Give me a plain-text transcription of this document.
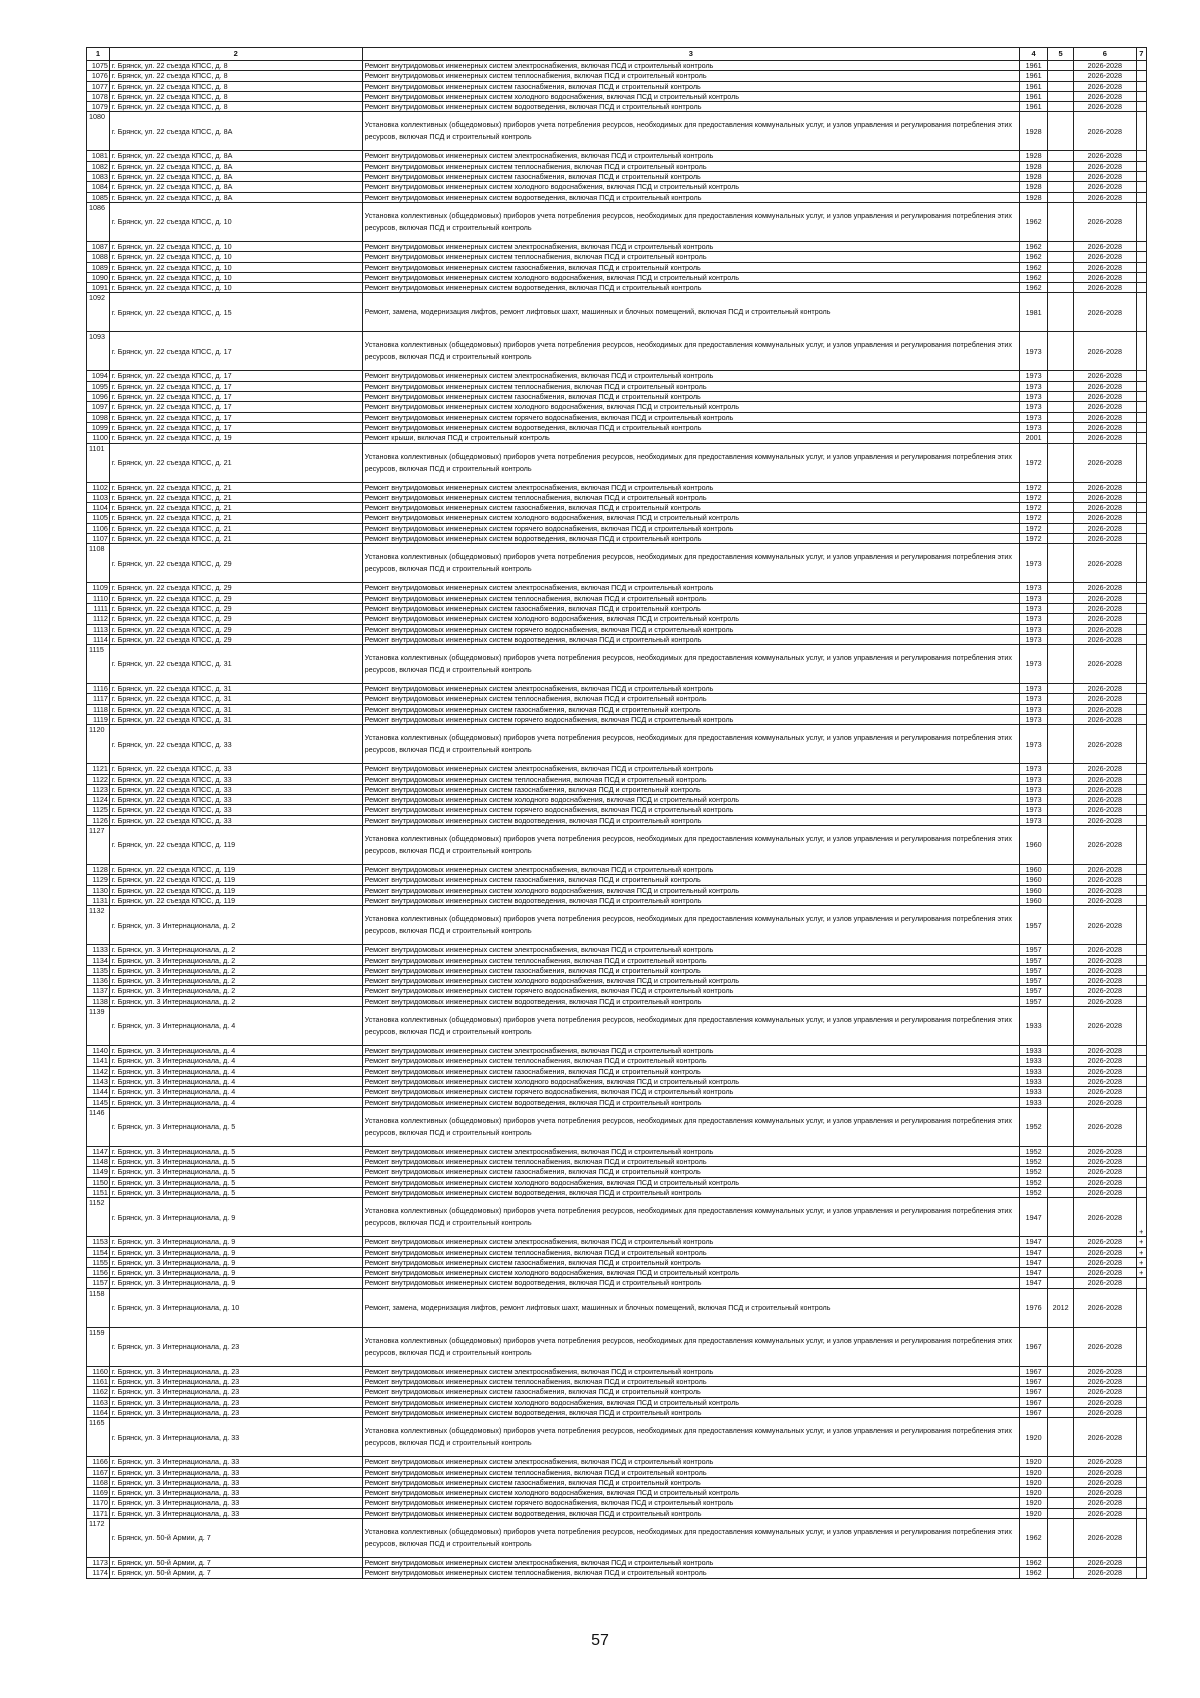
1	2	3	4	5	6	7
1075	г. Брянск, ул. 22 съезда КПСС, д. 8	Ремонт внутридомовых инженерных систем электроснабжения, включая ПСД и строительный контроль	1961		2026-2028	
1076	г. Брянск, ул. 22 съезда КПСС, д. 8	Ремонт внутридомовых инженерных систем теплоснабжения, включая ПСД и строительный контроль	1961		2026-2028	
1077	г. Брянск, ул. 22 съезда КПСС, д. 8	Ремонт внутридомовых инженерных систем газоснабжения, включая ПСД и строительный контроль	1961		2026-2028	
1078	г. Брянск, ул. 22 съезда КПСС, д. 8	Ремонт внутридомовых инженерных систем холодного водоснабжения, включая ПСД и строительный контроль	1961		2026-2028	
1079	г. Брянск, ул. 22 съезда КПСС, д. 8	Ремонт внутридомовых инженерных систем водоотведения, включая ПСД и строительный контроль	1961		2026-2028	
1080	г. Брянск, ул. 22 съезда КПСС, д. 8А	Установка коллективных (общедомовых) приборов учета потребления ресурсов, необходимых для предоставления коммунальных услуг, и узлов управления и регулирования потребления этих ресурсов, включая ПСД и строительный контроль	1928		2026-2028	
1081	г. Брянск, ул. 22 съезда КПСС, д. 8А	Ремонт внутридомовых инженерных систем электроснабжения, включая ПСД и строительный контроль	1928		2026-2028	
1082	г. Брянск, ул. 22 съезда КПСС, д. 8А	Ремонт внутридомовых инженерных систем теплоснабжения, включая ПСД и строительный контроль	1928		2026-2028	
1083	г. Брянск, ул. 22 съезда КПСС, д. 8А	Ремонт внутридомовых инженерных систем газоснабжения, включая ПСД и строительный контроль	1928		2026-2028	
1084	г. Брянск, ул. 22 съезда КПСС, д. 8А	Ремонт внутридомовых инженерных систем холодного водоснабжения, включая ПСД и строительный контроль	1928		2026-2028	
1085	г. Брянск, ул. 22 съезда КПСС, д. 8А	Ремонт внутридомовых инженерных систем водоотведения, включая ПСД и строительный контроль	1928		2026-2028	
1086	г. Брянск, ул. 22 съезда КПСС, д. 10	Установка коллективных (общедомовых) приборов учета потребления ресурсов, необходимых для предоставления коммунальных услуг, и узлов управления и регулирования потребления этих ресурсов, включая ПСД и строительный контроль	1962		2026-2028	
1087	г. Брянск, ул. 22 съезда КПСС, д. 10	Ремонт внутридомовых инженерных систем электроснабжения, включая ПСД и строительный контроль	1962		2026-2028	
1088	г. Брянск, ул. 22 съезда КПСС, д. 10	Ремонт внутридомовых инженерных систем теплоснабжения, включая ПСД и строительный контроль	1962		2026-2028	
1089	г. Брянск, ул. 22 съезда КПСС, д. 10	Ремонт внутридомовых инженерных систем газоснабжения, включая ПСД и строительный контроль	1962		2026-2028	
1090	г. Брянск, ул. 22 съезда КПСС, д. 10	Ремонт внутридомовых инженерных систем холодного водоснабжения, включая ПСД и строительный контроль	1962		2026-2028	
1091	г. Брянск, ул. 22 съезда КПСС, д. 10	Ремонт внутридомовых инженерных систем водоотведения, включая ПСД и строительный контроль	1962		2026-2028	
1092	г. Брянск, ул. 22 съезда КПСС, д. 15	Ремонт, замена, модернизация лифтов, ремонт лифтовых шахт, машинных и блочных помещений, включая ПСД и строительный контроль	1981		2026-2028	
1093	г. Брянск, ул. 22 съезда КПСС, д. 17	Установка коллективных (общедомовых) приборов учета потребления ресурсов, необходимых для предоставления коммунальных услуг, и узлов управления и регулирования потребления этих ресурсов, включая ПСД и строительный контроль	1973		2026-2028	
1094	г. Брянск, ул. 22 съезда КПСС, д. 17	Ремонт внутридомовых инженерных систем электроснабжения, включая ПСД и строительный контроль	1973		2026-2028	
1095	г. Брянск, ул. 22 съезда КПСС, д. 17	Ремонт внутридомовых инженерных систем теплоснабжения, включая ПСД и строительный контроль	1973		2026-2028	
1096	г. Брянск, ул. 22 съезда КПСС, д. 17	Ремонт внутридомовых инженерных систем газоснабжения, включая ПСД и строительный контроль	1973		2026-2028	
1097	г. Брянск, ул. 22 съезда КПСС, д. 17	Ремонт внутридомовых инженерных систем холодного водоснабжения, включая ПСД и строительный контроль	1973		2026-2028	
1098	г. Брянск, ул. 22 съезда КПСС, д. 17	Ремонт внутридомовых инженерных систем горячего водоснабжения, включая ПСД и строительный контроль	1973		2026-2028	
1099	г. Брянск, ул. 22 съезда КПСС, д. 17	Ремонт внутридомовых инженерных систем водоотведения, включая ПСД и строительный контроль	1973		2026-2028	
1100	г. Брянск, ул. 22 съезда КПСС, д. 19	Ремонт крыши, включая ПСД и строительный контроль	2001		2026-2028	
1101	г. Брянск, ул. 22 съезда КПСС, д. 21	Установка коллективных (общедомовых) приборов учета потребления ресурсов, необходимых для предоставления коммунальных услуг, и узлов управления и регулирования потребления этих ресурсов, включая ПСД и строительный контроль	1972		2026-2028	
1102	г. Брянск, ул. 22 съезда КПСС, д. 21	Ремонт внутридомовых инженерных систем электроснабжения, включая ПСД и строительный контроль	1972		2026-2028	
1103	г. Брянск, ул. 22 съезда КПСС, д. 21	Ремонт внутридомовых инженерных систем теплоснабжения, включая ПСД и строительный контроль	1972		2026-2028	
1104	г. Брянск, ул. 22 съезда КПСС, д. 21	Ремонт внутридомовых инженерных систем газоснабжения, включая ПСД и строительный контроль	1972		2026-2028	
1105	г. Брянск, ул. 22 съезда КПСС, д. 21	Ремонт внутридомовых инженерных систем холодного водоснабжения, включая ПСД и строительный контроль	1972		2026-2028	
1106	г. Брянск, ул. 22 съезда КПСС, д. 21	Ремонт внутридомовых инженерных систем горячего водоснабжения, включая ПСД и строительный контроль	1972		2026-2028	
1107	г. Брянск, ул. 22 съезда КПСС, д. 21	Ремонт внутридомовых инженерных систем водоотведения, включая ПСД и строительный контроль	1972		2026-2028	
1108	г. Брянск, ул. 22 съезда КПСС, д. 29	Установка коллективных (общедомовых) приборов учета потребления ресурсов, необходимых для предоставления коммунальных услуг, и узлов управления и регулирования потребления этих ресурсов, включая ПСД и строительный контроль	1973		2026-2028	
1109	г. Брянск, ул. 22 съезда КПСС, д. 29	Ремонт внутридомовых инженерных систем электроснабжения, включая ПСД и строительный контроль	1973		2026-2028	
1110	г. Брянск, ул. 22 съезда КПСС, д. 29	Ремонт внутридомовых инженерных систем теплоснабжения, включая ПСД и строительный контроль	1973		2026-2028	
1111	г. Брянск, ул. 22 съезда КПСС, д. 29	Ремонт внутридомовых инженерных систем газоснабжения, включая ПСД и строительный контроль	1973		2026-2028	
1112	г. Брянск, ул. 22 съезда КПСС, д. 29	Ремонт внутридомовых инженерных систем холодного водоснабжения, включая ПСД и строительный контроль	1973		2026-2028	
1113	г. Брянск, ул. 22 съезда КПСС, д. 29	Ремонт внутридомовых инженерных систем горячего водоснабжения, включая ПСД и строительный контроль	1973		2026-2028	
1114	г. Брянск, ул. 22 съезда КПСС, д. 29	Ремонт внутридомовых инженерных систем водоотведения, включая ПСД и строительный контроль	1973		2026-2028	
1115	г. Брянск, ул. 22 съезда КПСС, д. 31	Установка коллективных (общедомовых) приборов учета потребления ресурсов, необходимых для предоставления коммунальных услуг, и узлов управления и регулирования потребления этих ресурсов, включая ПСД и строительный контроль	1973		2026-2028	
1116	г. Брянск, ул. 22 съезда КПСС, д. 31	Ремонт внутридомовых инженерных систем электроснабжения, включая ПСД и строительный контроль	1973		2026-2028	
1117	г. Брянск, ул. 22 съезда КПСС, д. 31	Ремонт внутридомовых инженерных систем теплоснабжения, включая ПСД и строительный контроль	1973		2026-2028	
1118	г. Брянск, ул. 22 съезда КПСС, д. 31	Ремонт внутридомовых инженерных систем газоснабжения, включая ПСД и строительный контроль	1973		2026-2028	
1119	г. Брянск, ул. 22 съезда КПСС, д. 31	Ремонт внутридомовых инженерных систем горячего водоснабжения, включая ПСД и строительный контроль	1973		2026-2028	
1120	г. Брянск, ул. 22 съезда КПСС, д. 33	Установка коллективных (общедомовых) приборов учета потребления ресурсов, необходимых для предоставления коммунальных услуг, и узлов управления и регулирования потребления этих ресурсов, включая ПСД и строительный контроль	1973		2026-2028	
1121	г. Брянск, ул. 22 съезда КПСС, д. 33	Ремонт внутридомовых инженерных систем электроснабжения, включая ПСД и строительный контроль	1973		2026-2028	
1122	г. Брянск, ул. 22 съезда КПСС, д. 33	Ремонт внутридомовых инженерных систем теплоснабжения, включая ПСД и строительный контроль	1973		2026-2028	
1123	г. Брянск, ул. 22 съезда КПСС, д. 33	Ремонт внутридомовых инженерных систем газоснабжения, включая ПСД и строительный контроль	1973		2026-2028	
1124	г. Брянск, ул. 22 съезда КПСС, д. 33	Ремонт внутридомовых инженерных систем холодного водоснабжения, включая ПСД и строительный контроль	1973		2026-2028	
1125	г. Брянск, ул. 22 съезда КПСС, д. 33	Ремонт внутридомовых инженерных систем горячего водоснабжения, включая ПСД и строительный контроль	1973		2026-2028	
1126	г. Брянск, ул. 22 съезда КПСС, д. 33	Ремонт внутридомовых инженерных систем водоотведения, включая ПСД и строительный контроль	1973		2026-2028	
1127	г. Брянск, ул. 22 съезда КПСС, д. 119	Установка коллективных (общедомовых) приборов учета потребления ресурсов, необходимых для предоставления коммунальных услуг, и узлов управления и регулирования потребления этих ресурсов, включая ПСД и строительный контроль	1960		2026-2028	
1128	г. Брянск, ул. 22 съезда КПСС, д. 119	Ремонт внутридомовых инженерных систем электроснабжения, включая ПСД и строительный контроль	1960		2026-2028	
1129	г. Брянск, ул. 22 съезда КПСС, д. 119	Ремонт внутридомовых инженерных систем газоснабжения, включая ПСД и строительный контроль	1960		2026-2028	
1130	г. Брянск, ул. 22 съезда КПСС, д. 119	Ремонт внутридомовых инженерных систем холодного водоснабжения, включая ПСД и строительный контроль	1960		2026-2028	
1131	г. Брянск, ул. 22 съезда КПСС, д. 119	Ремонт внутридомовых инженерных систем водоотведения, включая ПСД и строительный контроль	1960		2026-2028	
1132	г. Брянск, ул. 3 Интернационала, д. 2	Установка коллективных (общедомовых) приборов учета потребления ресурсов, необходимых для предоставления коммунальных услуг, и узлов управления и регулирования потребления этих ресурсов, включая ПСД и строительный контроль	1957		2026-2028	
1133	г. Брянск, ул. 3 Интернационала, д. 2	Ремонт внутридомовых инженерных систем электроснабжения, включая ПСД и строительный контроль	1957		2026-2028	
1134	г. Брянск, ул. 3 Интернационала, д. 2	Ремонт внутридомовых инженерных систем теплоснабжения, включая ПСД и строительный контроль	1957		2026-2028	
1135	г. Брянск, ул. 3 Интернационала, д. 2	Ремонт внутридомовых инженерных систем газоснабжения, включая ПСД и строительный контроль	1957		2026-2028	
1136	г. Брянск, ул. 3 Интернационала, д. 2	Ремонт внутридомовых инженерных систем холодного водоснабжения, включая ПСД и строительный контроль	1957		2026-2028	
1137	г. Брянск, ул. 3 Интернационала, д. 2	Ремонт внутридомовых инженерных систем горячего водоснабжения, включая ПСД и строительный контроль	1957		2026-2028	
1138	г. Брянск, ул. 3 Интернационала, д. 2	Ремонт внутридомовых инженерных систем водоотведения, включая ПСД и строительный контроль	1957		2026-2028	
1139	г. Брянск, ул. 3 Интернационала, д. 4	Установка коллективных (общедомовых) приборов учета потребления ресурсов, необходимых для предоставления коммунальных услуг, и узлов управления и регулирования потребления этих ресурсов, включая ПСД и строительный контроль	1933		2026-2028	
1140	г. Брянск, ул. 3 Интернационала, д. 4	Ремонт внутридомовых инженерных систем электроснабжения, включая ПСД и строительный контроль	1933		2026-2028	
1141	г. Брянск, ул. 3 Интернационала, д. 4	Ремонт внутридомовых инженерных систем теплоснабжения, включая ПСД и строительный контроль	1933		2026-2028	
1142	г. Брянск, ул. 3 Интернационала, д. 4	Ремонт внутридомовых инженерных систем газоснабжения, включая ПСД и строительный контроль	1933		2026-2028	
1143	г. Брянск, ул. 3 Интернационала, д. 4	Ремонт внутридомовых инженерных систем холодного водоснабжения, включая ПСД и строительный контроль	1933		2026-2028	
1144	г. Брянск, ул. 3 Интернационала, д. 4	Ремонт внутридомовых инженерных систем горячего водоснабжения, включая ПСД и строительный контроль	1933		2026-2028	
1145	г. Брянск, ул. 3 Интернационала, д. 4	Ремонт внутридомовых инженерных систем водоотведения, включая ПСД и строительный контроль	1933		2026-2028	
1146	г. Брянск, ул. 3 Интернационала, д. 5	Установка коллективных (общедомовых) приборов учета потребления ресурсов, необходимых для предоставления коммунальных услуг, и узлов управления и регулирования потребления этих ресурсов, включая ПСД и строительный контроль	1952		2026-2028	
1147	г. Брянск, ул. 3 Интернационала, д. 5	Ремонт внутридомовых инженерных систем электроснабжения, включая ПСД и строительный контроль	1952		2026-2028	
1148	г. Брянск, ул. 3 Интернационала, д. 5	Ремонт внутридомовых инженерных систем теплоснабжения, включая ПСД и строительный контроль	1952		2026-2028	
1149	г. Брянск, ул. 3 Интернационала, д. 5	Ремонт внутридомовых инженерных систем газоснабжения, включая ПСД и строительный контроль	1952		2026-2028	
1150	г. Брянск, ул. 3 Интернационала, д. 5	Ремонт внутридомовых инженерных систем холодного водоснабжения, включая ПСД и строительный контроль	1952		2026-2028	
1151	г. Брянск, ул. 3 Интернационала, д. 5	Ремонт внутридомовых инженерных систем водоотведения, включая ПСД и строительный контроль	1952		2026-2028	
1152	г. Брянск, ул. 3 Интернационала, д. 9	Установка коллективных (общедомовых) приборов учета потребления ресурсов, необходимых для предоставления коммунальных услуг, и узлов управления и регулирования потребления этих ресурсов, включая ПСД и строительный контроль	1947		2026-2028	+
1153	г. Брянск, ул. 3 Интернационала, д. 9	Ремонт внутридомовых инженерных систем электроснабжения, включая ПСД и строительный контроль	1947		2026-2028	+
1154	г. Брянск, ул. 3 Интернационала, д. 9	Ремонт внутридомовых инженерных систем теплоснабжения, включая ПСД и строительный контроль	1947		2026-2028	+
1155	г. Брянск, ул. 3 Интернационала, д. 9	Ремонт внутридомовых инженерных систем газоснабжения, включая ПСД и строительный контроль	1947		2026-2028	+
1156	г. Брянск, ул. 3 Интернационала, д. 9	Ремонт внутридомовых инженерных систем холодного водоснабжения, включая ПСД и строительный контроль	1947		2026-2028	+
1157	г. Брянск, ул. 3 Интернационала, д. 9	Ремонт внутридомовых инженерных систем водоотведения, включая ПСД и строительный контроль	1947		2026-2028	
1158	г. Брянск, ул. 3 Интернационала, д. 10	Ремонт, замена, модернизация лифтов, ремонт лифтовых шахт, машинных и блочных помещений, включая ПСД и строительный контроль	1976	2012	2026-2028	
1159	г. Брянск, ул. 3 Интернационала, д. 23	Установка коллективных (общедомовых) приборов учета потребления ресурсов, необходимых для предоставления коммунальных услуг, и узлов управления и регулирования потребления этих ресурсов, включая ПСД и строительный контроль	1967		2026-2028	
1160	г. Брянск, ул. 3 Интернационала, д. 23	Ремонт внутридомовых инженерных систем электроснабжения, включая ПСД и строительный контроль	1967		2026-2028	
1161	г. Брянск, ул. 3 Интернационала, д. 23	Ремонт внутридомовых инженерных систем теплоснабжения, включая ПСД и строительный контроль	1967		2026-2028	
1162	г. Брянск, ул. 3 Интернационала, д. 23	Ремонт внутридомовых инженерных систем газоснабжения, включая ПСД и строительный контроль	1967		2026-2028	
1163	г. Брянск, ул. 3 Интернационала, д. 23	Ремонт внутридомовых инженерных систем холодного водоснабжения, включая ПСД и строительный контроль	1967		2026-2028	
1164	г. Брянск, ул. 3 Интернационала, д. 23	Ремонт внутридомовых инженерных систем водоотведения, включая ПСД и строительный контроль	1967		2026-2028	
1165	г. Брянск, ул. 3 Интернационала, д. 33	Установка коллективных (общедомовых) приборов учета потребления ресурсов, необходимых для предоставления коммунальных услуг, и узлов управления и регулирования потребления этих ресурсов, включая ПСД и строительный контроль	1920		2026-2028	
1166	г. Брянск, ул. 3 Интернационала, д. 33	Ремонт внутридомовых инженерных систем электроснабжения, включая ПСД и строительный контроль	1920		2026-2028	
1167	г. Брянск, ул. 3 Интернационала, д. 33	Ремонт внутридомовых инженерных систем теплоснабжения, включая ПСД и строительный контроль	1920		2026-2028	
1168	г. Брянск, ул. 3 Интернационала, д. 33	Ремонт внутридомовых инженерных систем газоснабжения, включая ПСД и строительный контроль	1920		2026-2028	
1169	г. Брянск, ул. 3 Интернационала, д. 33	Ремонт внутридомовых инженерных систем холодного водоснабжения, включая ПСД и строительный контроль	1920		2026-2028	
1170	г. Брянск, ул. 3 Интернационала, д. 33	Ремонт внутридомовых инженерных систем горячего водоснабжения, включая ПСД и строительный контроль	1920		2026-2028	
1171	г. Брянск, ул. 3 Интернационала, д. 33	Ремонт внутридомовых инженерных систем водоотведения, включая ПСД и строительный контроль	1920		2026-2028	
1172	г. Брянск, ул. 50-й Армии, д. 7	Установка коллективных (общедомовых) приборов учета потребления ресурсов, необходимых для предоставления коммунальных услуг, и узлов управления и регулирования потребления этих ресурсов, включая ПСД и строительный контроль	1962		2026-2028	
1173	г. Брянск, ул. 50-й Армии, д. 7	Ремонт внутридомовых инженерных систем электроснабжения, включая ПСД и строительный контроль	1962		2026-2028	
1174	г. Брянск, ул. 50-й Армии, д. 7	Ремонт внутридомовых инженерных систем теплоснабжения, включая ПСД и строительный контроль	1962		2026-2028	
57
